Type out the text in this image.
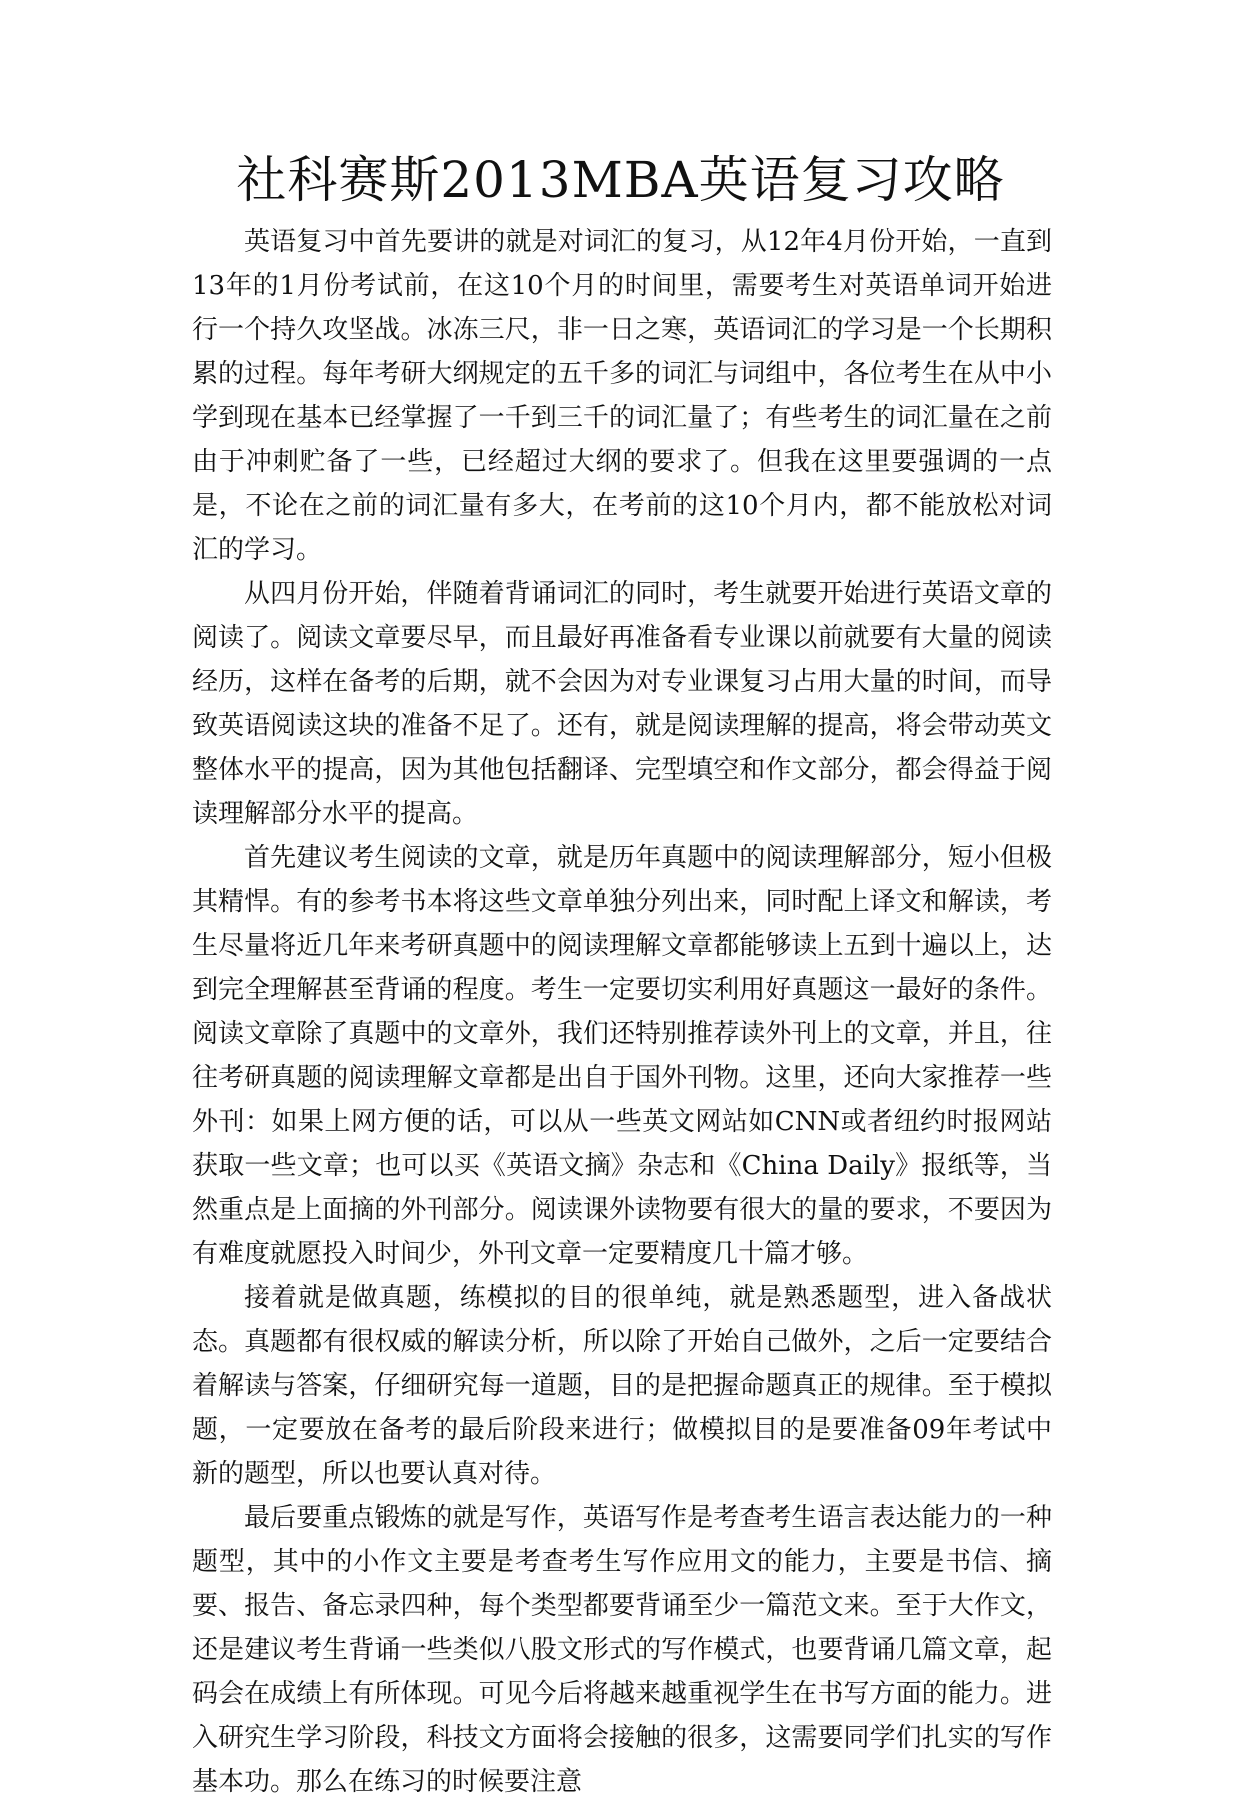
社科赛斯2013MBA英语复习攻略

英语复习中首先要讲的就是对词汇的复习，从12年4月份开始，一直到13年的1月份考试前，在这10个月的时间里，需要考生对英语单词开始进行一个持久攻坚战。冰冻三尺，非一日之寒，英语词汇的学习是一个长期积累的过程。每年考研大纲规定的五千多的词汇与词组中，各位考生在从中小学到现在基本已经掌握了一千到三千的词汇量了；有些考生的词汇量在之前由于冲刺贮备了一些，已经超过大纲的要求了。但我在这里要强调的一点是，不论在之前的词汇量有多大，在考前的这10个月内，都不能放松对词汇的学习。

从四月份开始，伴随着背诵词汇的同时，考生就要开始进行英语文章的阅读了。阅读文章要尽早，而且最好再准备看专业课以前就要有大量的阅读经历，这样在备考的后期，就不会因为对专业课复习占用大量的时间，而导致英语阅读这块的准备不足了。还有，就是阅读理解的提高，将会带动英文整体水平的提高，因为其他包括翻译、完型填空和作文部分，都会得益于阅读理解部分水平的提高。

首先建议考生阅读的文章，就是历年真题中的阅读理解部分，短小但极其精悍。有的参考书本将这些文章单独分列出来，同时配上译文和解读，考生尽量将近几年来考研真题中的阅读理解文章都能够读上五到十遍以上，达到完全理解甚至背诵的程度。考生一定要切实利用好真题这一最好的条件。阅读文章除了真题中的文章外，我们还特别推荐读外刊上的文章，并且，往往考研真题的阅读理解文章都是出自于国外刊物。这里，还向大家推荐一些外刊：如果上网方便的话，可以从一些英文网站如CNN或者纽约时报网站获取一些文章；也可以买《英语文摘》杂志和《China Daily》报纸等，当然重点是上面摘的外刊部分。阅读课外读物要有很大的量的要求，不要因为有难度就愿投入时间少，外刊文章一定要精度几十篇才够。

接着就是做真题，练模拟的目的很单纯，就是熟悉题型，进入备战状态。真题都有很权威的解读分析，所以除了开始自己做外，之后一定要结合着解读与答案，仔细研究每一道题，目的是把握命题真正的规律。至于模拟题，一定要放在备考的最后阶段来进行；做模拟目的是要准备09年考试中新的题型，所以也要认真对待。

最后要重点锻炼的就是写作，英语写作是考查考生语言表达能力的一种题型，其中的小作文主要是考查考生写作应用文的能力，主要是书信、摘要、报告、备忘录四种，每个类型都要背诵至少一篇范文来。至于大作文，还是建议考生背诵一些类似八股文形式的写作模式，也要背诵几篇文章，起码会在成绩上有所体现。可见今后将越来越重视学生在书写方面的能力。进入研究生学习阶段，科技文方面将会接触的很多，这需要同学们扎实的写作基本功。那么在练习的时候要注意
